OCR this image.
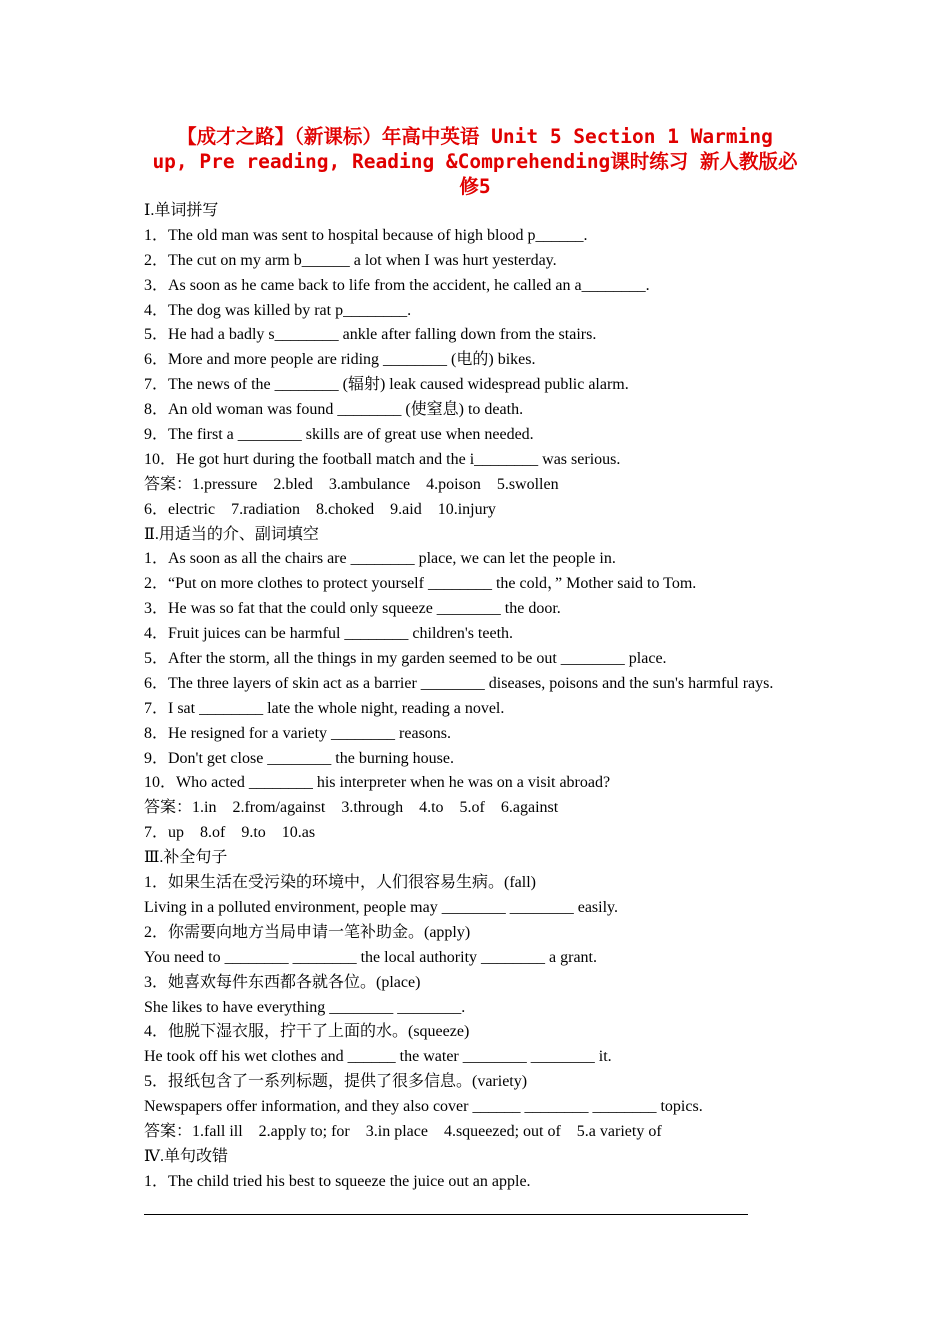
【成才之路】（新课标）年高中英语 Unit 5 Section 1 Warming
up, Pre reading, Reading &Comprehending课时练习 新人教版必
修5
Ⅰ.单词拼写
1．The old man was sent to hospital because of high blood p______.
2．The cut on my arm b______ a lot when I was hurt yesterday.
3．As soon as he came back to life from the accident, he called an a________.
4．The dog was killed by rat p________.
5．He had a badly s________ ankle after falling down from the stairs.
6．More and more people are riding ________ (电的) bikes.
7．The news of the ________ (辐射) leak caused widespread public alarm.
8．An old woman was found ________ (使窒息) to death.
9．The first a ________ skills are of great use when needed.
10．He got hurt during the football match and the i________ was serious.
答案：1.pressure　2.bled　3.ambulance　4.poison　5.swollen
6．electric　7.radiation　8.choked　9.aid　10.injury
Ⅱ.用适当的介、副词填空
1．As soon as all the chairs are ________ place, we can let the people in.
2．“Put on more clothes to protect yourself ________ the cold，” Mother said to Tom.
3．He was so fat that the could only squeeze ________ the door.
4．Fruit juices can be harmful ________ children's teeth.
5．After the storm, all the things in my garden seemed to be out ________ place.
6．The three layers of skin act as a barrier ________ diseases, poisons and the sun's harmful rays.
7．I sat ________ late the whole night, reading a novel.
8．He resigned for a variety ________ reasons.
9．Don't get close ________ the burning house.
10．Who acted ________ his interpreter when he was on a visit abroad?
答案：1.in　2.from/against　3.through　4.to　5.of　6.against
7．up　8.of　9.to　10.as
Ⅲ.补全句子
1．如果生活在受污染的环境中，人们很容易生病。(fall)
Living in a polluted environment, people may ________ ________ easily.
2．你需要向地方当局申请一笔补助金。(apply)
You need to ________ ________ the local authority ________ a grant.
3．她喜欢每件东西都各就各位。(place)
She likes to have everything ________ ________.
4．他脱下湿衣服，拧干了上面的水。(squeeze)
He took off his wet clothes and ______ the water ________ ________ it.
5．报纸包含了一系列标题，提供了很多信息。(variety)
Newspapers offer information, and they also cover ______ ________ ________ topics.
答案：1.fall ill　2.apply to; for　3.in place　4.squeezed; out of　5.a variety of
Ⅳ.单句改错
1．The child tried his best to squeeze the juice out an apple.
